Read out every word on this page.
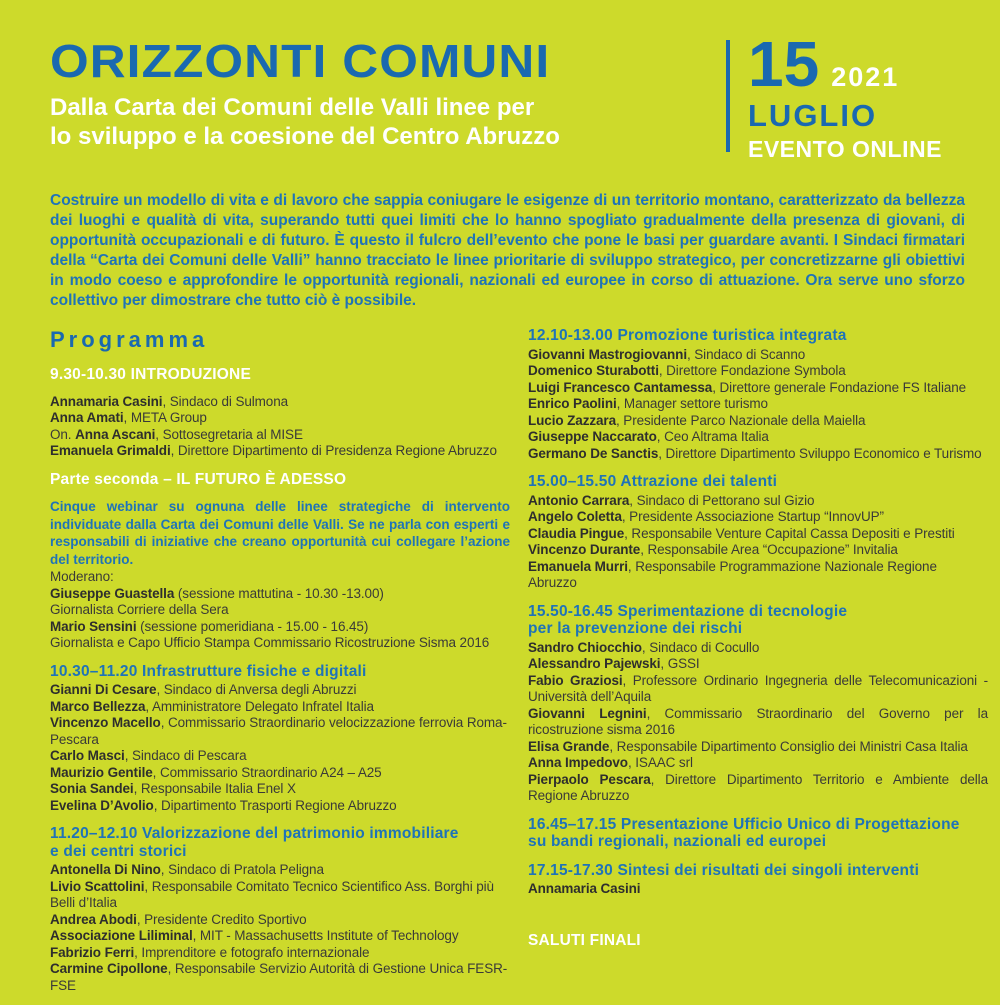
ORIZZONTI COMUNI
Dalla Carta dei Comuni delle Valli linee per
lo sviluppo e la coesione del Centro Abruzzo
15 2021
LUGLIO
EVENTO ONLINE

Costruire un modello di vita e di lavoro che sappia coniugare le esigenze di un territorio montano, caratterizzato da bellezza dei luoghi e qualità di vita, superando tutti quei limiti che lo hanno spogliato gradualmente della presenza di giovani, di opportunità occupazionali e di futuro. È questo il fulcro dell’evento che pone le basi per guardare avanti. I Sindaci firmatari della “Carta dei Comuni delle Valli” hanno tracciato le linee prioritarie di sviluppo strategico, per concretizzarne gli obiettivi in modo coeso e approfondire le opportunità regionali, nazionali ed europee in corso di attuazione. Ora serve uno sforzo collettivo per dimostrare che tutto ciò è possibile.

Programma
9.30-10.30 INTRODUZIONE
Annamaria Casini, Sindaco di Sulmona
Anna Amati, META Group
On. Anna Ascani, Sottosegretaria al MISE
Emanuela Grimaldi, Direttore Dipartimento di Presidenza Regione Abruzzo
Parte seconda – IL FUTURO È ADESSO

Cinque webinar su ognuna delle linee strategiche di intervento individuate dalla Carta dei Comuni delle Valli. Se ne parla con esperti e responsabili di iniziative che creano opportunità cui collegare l’azione del territorio.

Moderano:
Giuseppe Guastella (sessione mattutina - 10.30 -13.00)
Giornalista Corriere della Sera
Mario Sensini (sessione pomeridiana - 15.00 - 16.45)
Giornalista e Capo Ufficio Stampa Commissario Ricostruzione Sisma 2016
10.30–11.20 Infrastrutture fisiche e digitali
Gianni Di Cesare, Sindaco di Anversa degli Abruzzi
Marco Bellezza, Amministratore Delegato Infratel Italia
Vincenzo Macello, Commissario Straordinario velocizzazione ferrovia Roma-Pescara
Carlo Masci, Sindaco di Pescara
Maurizio Gentile, Commissario Straordinario A24 – A25
Sonia Sandei, Responsabile Italia Enel X
Evelina D’Avolio, Dipartimento Trasporti Regione Abruzzo
11.20–12.10 Valorizzazione del patrimonio immobiliare
e dei centri storici
Antonella Di Nino, Sindaco di Pratola Peligna
Livio Scattolini, Responsabile Comitato Tecnico Scientifico Ass. Borghi più Belli d’Italia
Andrea Abodi, Presidente Credito Sportivo
Associazione Liliminal, MIT - Massachusetts Institute of Technology
Fabrizio Ferri, Imprenditore e fotografo internazionale
Carmine Cipollone, Responsabile Servizio Autorità di Gestione Unica FESR-FSE
12.10-13.00 Promozione turistica integrata
Giovanni Mastrogiovanni, Sindaco di Scanno
Domenico Sturabotti, Direttore Fondazione Symbola
Luigi Francesco Cantamessa, Direttore generale Fondazione FS Italiane
Enrico Paolini, Manager settore turismo
Lucio Zazzara, Presidente Parco Nazionale della Maiella
Giuseppe Naccarato, Ceo Altrama Italia
Germano De Sanctis, Direttore Dipartimento Sviluppo Economico e Turismo
15.00–15.50 Attrazione dei talenti
Antonio Carrara, Sindaco di Pettorano sul Gizio
Angelo Coletta, Presidente Associazione Startup “InnovUP”
Claudia Pingue, Responsabile Venture Capital Cassa Depositi e Prestiti
Vincenzo Durante, Responsabile Area “Occupazione” Invitalia
Emanuela Murri, Responsabile Programmazione Nazionale Regione Abruzzo
15.50-16.45 Sperimentazione di tecnologie
per la prevenzione dei rischi
Sandro Chiocchio, Sindaco di Cocullo
Alessandro Pajewski, GSSI
Fabio Graziosi, Professore Ordinario Ingegneria delle Telecomunicazioni - Università dell’Aquila
Giovanni Legnini, Commissario Straordinario del Governo per la ricostruzione sisma 2016
Elisa Grande, Responsabile Dipartimento Consiglio dei Ministri Casa Italia
Anna Impedovo, ISAAC srl
Pierpaolo Pescara, Direttore Dipartimento Territorio e Ambiente della Regione Abruzzo
16.45–17.15 Presentazione Ufficio Unico di Progettazione
su bandi regionali, nazionali ed europei
17.15-17.30 Sintesi dei risultati dei singoli interventi
Annamaria Casini
SALUTI FINALI
